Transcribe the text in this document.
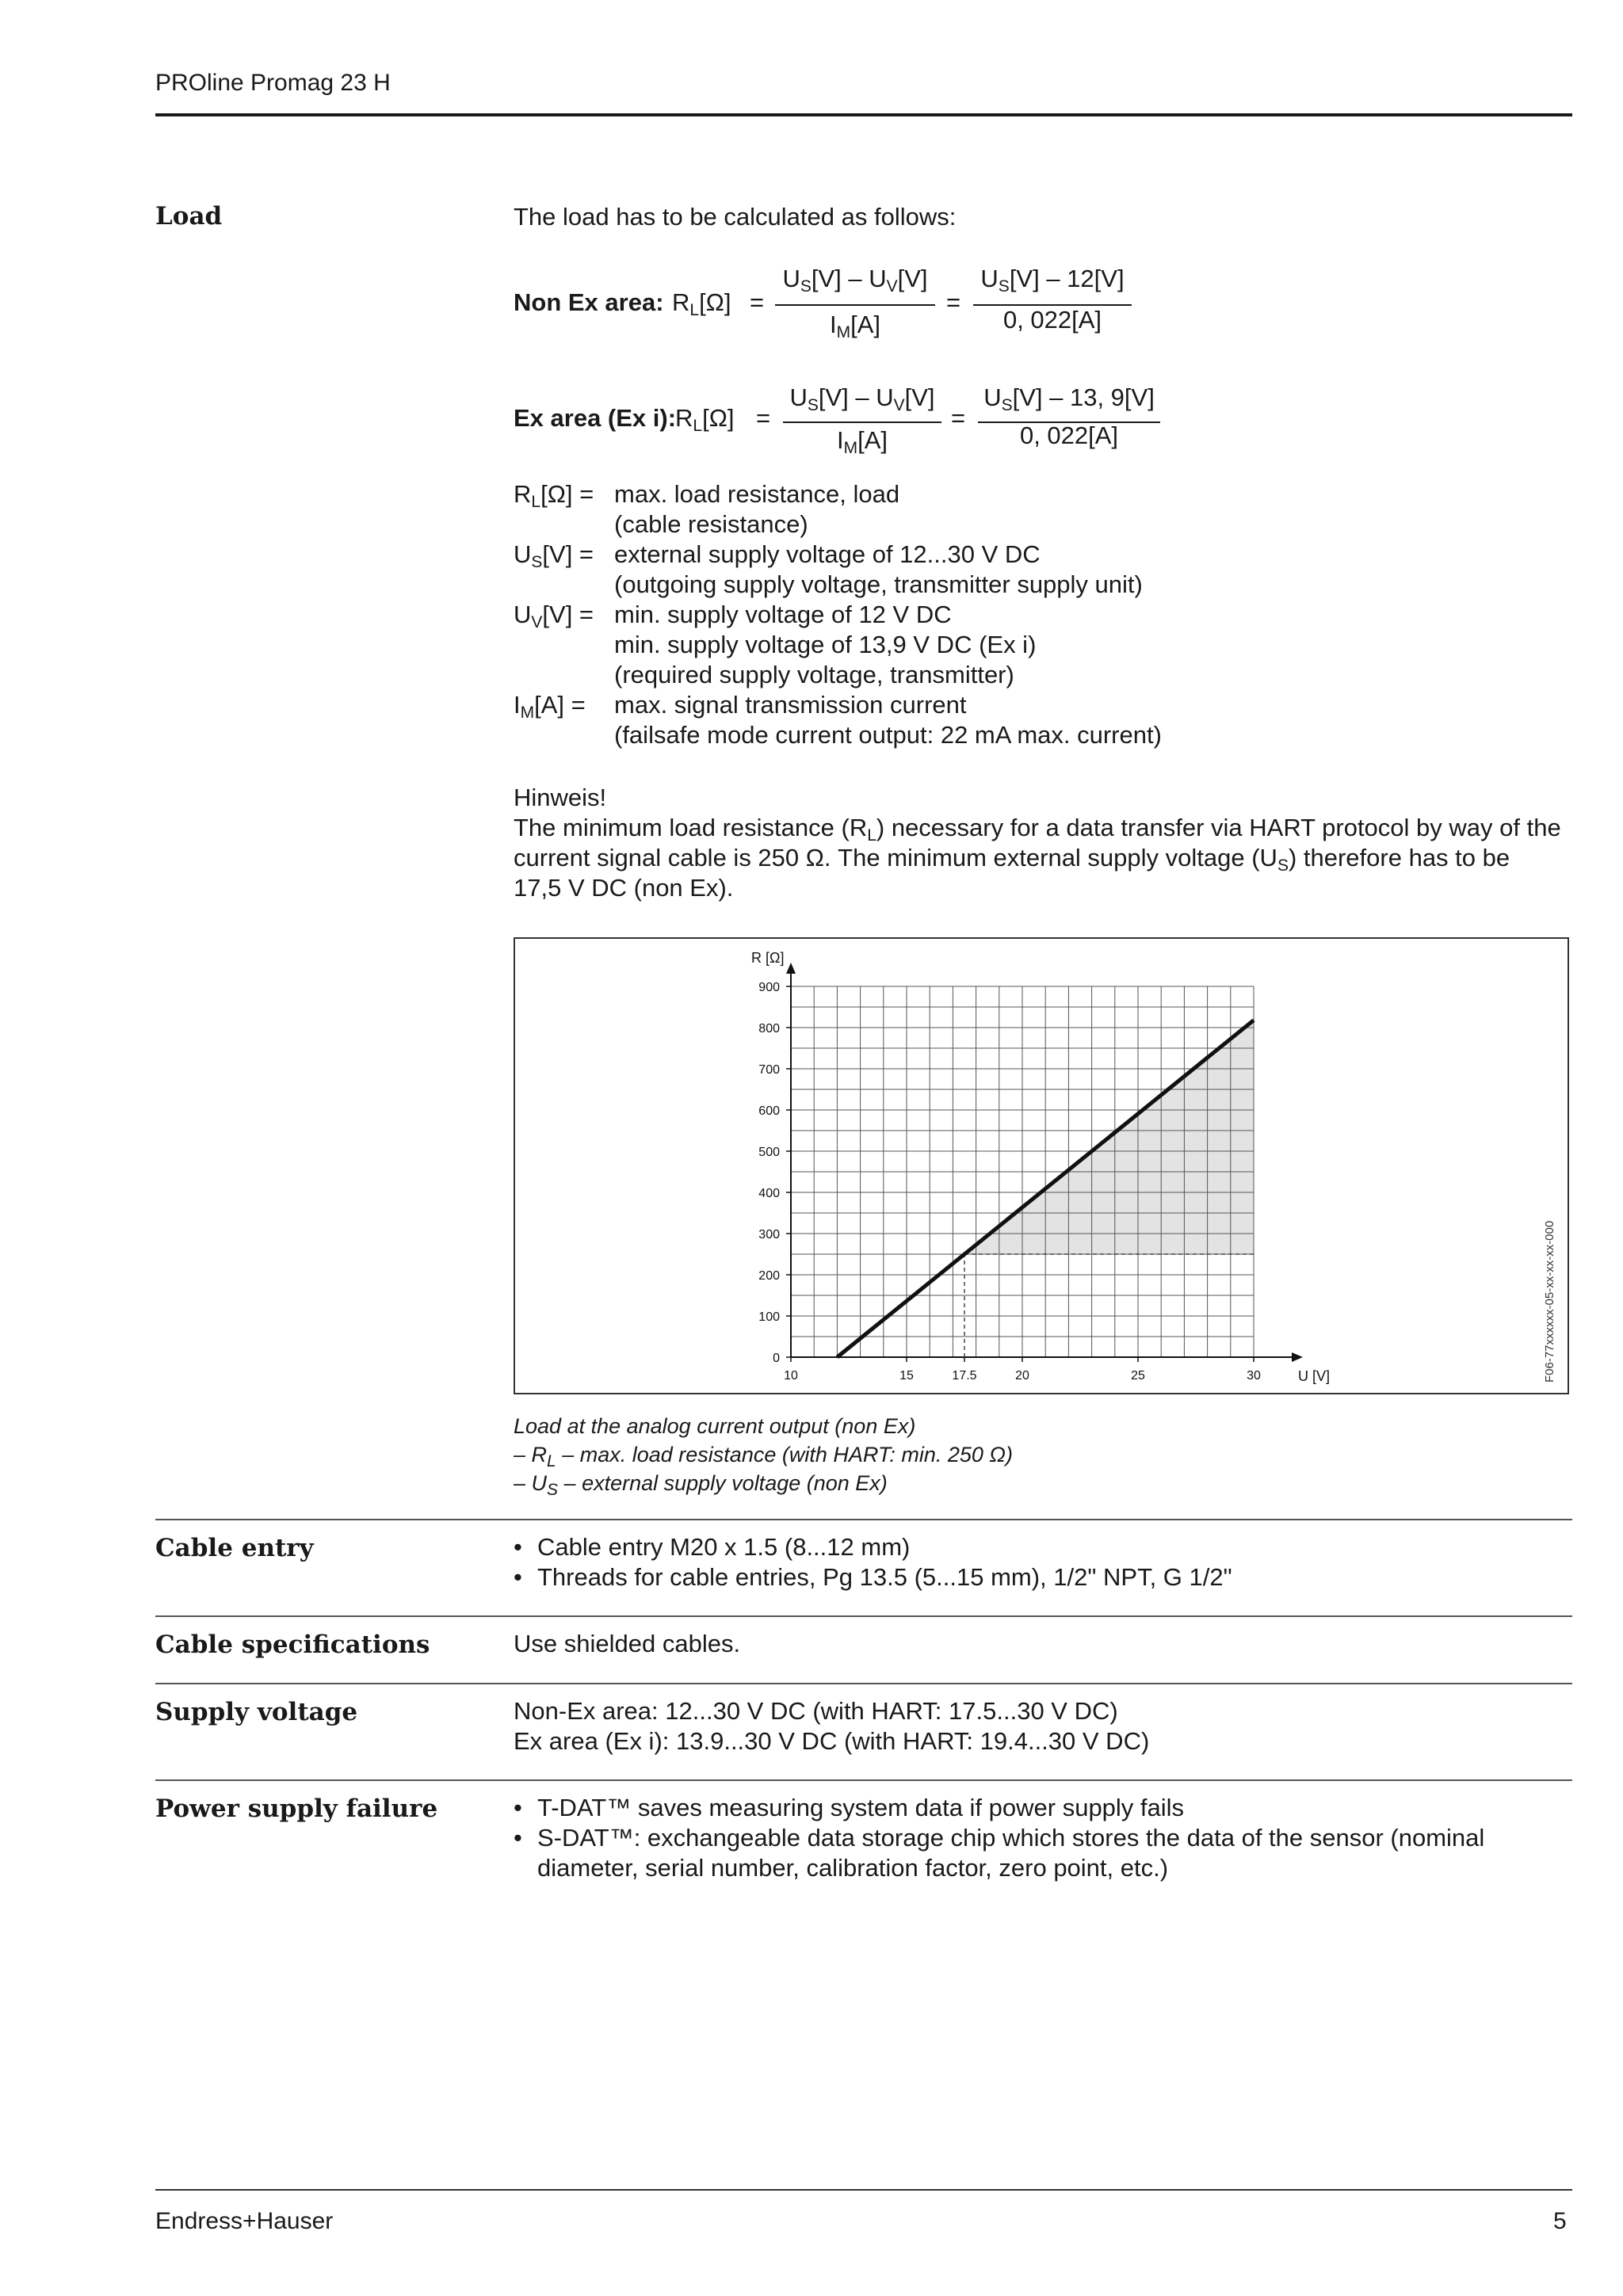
PROline Promag 23 H
Load	The load has to be calculated as follows:
Non Ex area: $R_L[\Omega]$ =
$U_S[V] - U_V[V]$
$I_M[A]$
=
$U_S[V] - 12[V]$
0, 022[A]
Ex area (Ex i):
$R_L[\Omega]$ =
$U_S[V] - U_V[V]$
$I_M[A]$
=
$U_S[V] - 13$, 9[V]
0, 022[A]
$R_L[\Omega] = \max$. load resistance, load
(cable resistance)
$U_S[V]$ = external supply voltage of 12...30 V DC
(outgoing supply voltage, transmitter supply unit)
$U_V[V] = \min$. supply voltage of 12 V DC
min. supply voltage of 13,9 V DC (Ex i)
(required supply voltage, transmitter)
$I_M[A]$ =	max. signal transmission current
(failsafe mode current output: 22 mA max. current)
Hinweis!
The minimum load resistance $(R_L)$ necessary for a data transfer via HART protocol by way of the
current signal cable is 250 Ω. The minimum external supply voltage $(U_S)$ therefore has to be
17,5 V DC (non Ex).
0
100
200
300
400
500
600
700
800
900
10	15	17.5	20	25	30
R [Ω]
U [V]	F06-77xxxxxx-05-xx-xx-xx-000
Load at the analog current output (non Ex)
– $R_L$ – max. load resistance (with HART: min. 250 Ω)
– $U_S$ – external supply voltage (non Ex)
Cable entry	• Cable entry M20 x 1.5 (8...12 mm)
• Threads for cable entries, Pg 13.5 (5...15 mm), 1/2" NPT, G 1/2"
Cable specifications	Use shielded cables.
Supply voltage	Non-Ex area: 12...30 V DC (with HART: 17.5...30 V DC)
Ex area (Ex i): 13.9...30 V DC (with HART: 19.4...30 V DC)
Power supply failure	• T-DAT™ saves measuring system data if power supply fails
• S-DAT™: exchangeable data storage chip which stores the data of the sensor (nominal diameter, serial number, calibration factor, zero point, etc.)
Endress+Hauser	5
